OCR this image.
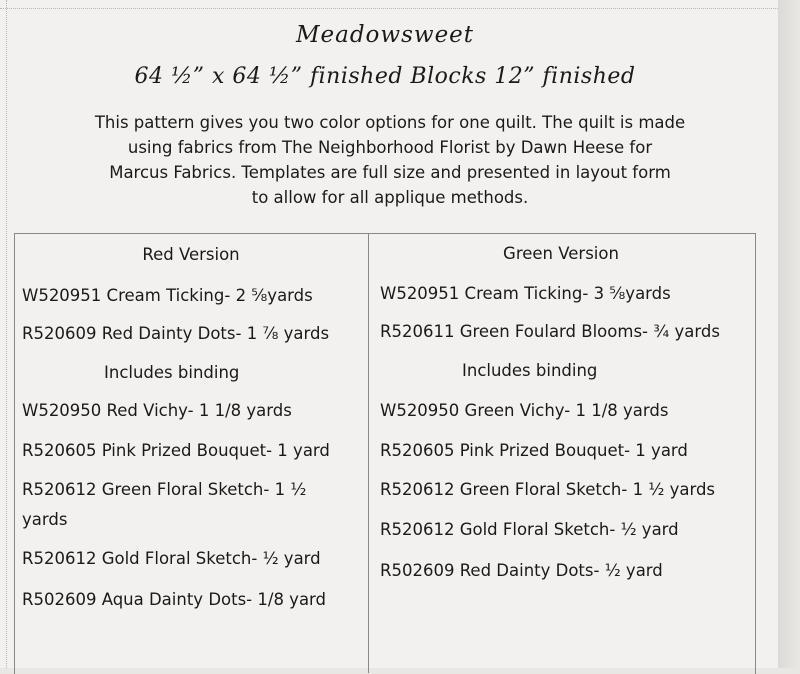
Meadowsweet
64 ½” x 64 ½” finished Blocks 12” finished
This pattern gives you two color options for one quilt. The quilt is made
using fabrics from The Neighborhood Florist by Dawn Heese for
Marcus Fabrics. Templates are full size and presented in layout form
to allow for all applique methods.
Red Version
W520951 Cream Ticking- 2 ⅝yards
R520609 Red Dainty Dots- 1 ⅞ yards
Includes binding
W520950 Red Vichy- 1 1/8 yards
R520605 Pink Prized Bouquet- 1 yard
R520612 Green Floral Sketch- 1 ½
yards
R520612 Gold Floral Sketch- ½ yard
R502609 Aqua Dainty Dots- 1/8 yard
Green Version
W520951 Cream Ticking- 3 ⅝yards
R520611 Green Foulard Blooms- ¾ yards
Includes binding
W520950 Green Vichy- 1 1/8 yards
R520605 Pink Prized Bouquet- 1 yard
R520612 Green Floral Sketch- 1 ½ yards
R520612 Gold Floral Sketch- ½ yard
R502609 Red Dainty Dots- ½ yard
